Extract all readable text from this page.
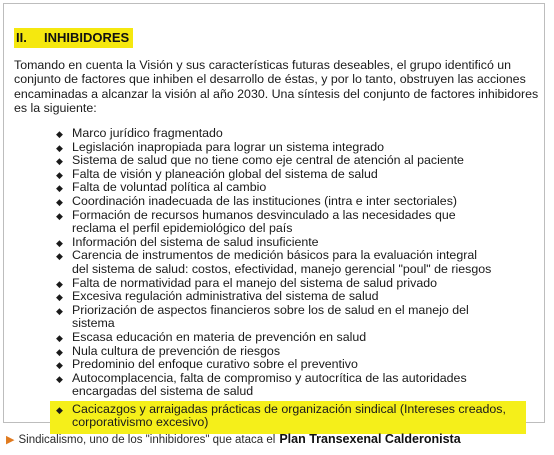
II. INHIBIDORES

Tomando en cuenta la Visión y sus características futuras deseables, el grupo identificó un conjunto de factores que inhiben el desarrollo de éstas, y por lo tanto, obstruyen las acciones encaminadas a alcanzar la visión al año 2030. Una síntesis del conjunto de factores inhibidores es la siguiente:

◆ Marco jurídico fragmentado
◆ Legislación inapropiada para lograr un sistema integrado
◆ Sistema de salud que no tiene como eje central de atención al paciente
◆ Falta de visión y planeación global del sistema de salud
◆ Falta de voluntad política al cambio
◆ Coordinación inadecuada de las instituciones (intra e inter sectoriales)
◆ Formación de recursos humanos desvinculado a las necesidades que reclama el perfil epidemiológico del país
◆ Información del sistema de salud insuficiente
◆ Carencia de instrumentos de medición básicos para la evaluación integral del sistema de salud: costos, efectividad, manejo gerencial "poul" de riesgos
◆ Falta de normatividad para el manejo del sistema de salud privado
◆ Excesiva regulación administrativa del sistema de salud
◆ Priorización de aspectos financieros sobre los de salud en el manejo del sistema
◆ Escasa educación en materia de prevención en salud
◆ Nula cultura de prevención de riesgos
◆ Predominio del enfoque curativo sobre el preventivo
◆ Autocomplacencia, falta de compromiso y autocrítica de las autoridades encargadas del sistema de salud
◆ Cacicazgos y arraigadas prácticas de organización sindical (Intereses creados, corporativismo excesivo)
▶ Sindicalismo, uno de los "inhibidores" que ataca el Plan Transexenal Calderonista
